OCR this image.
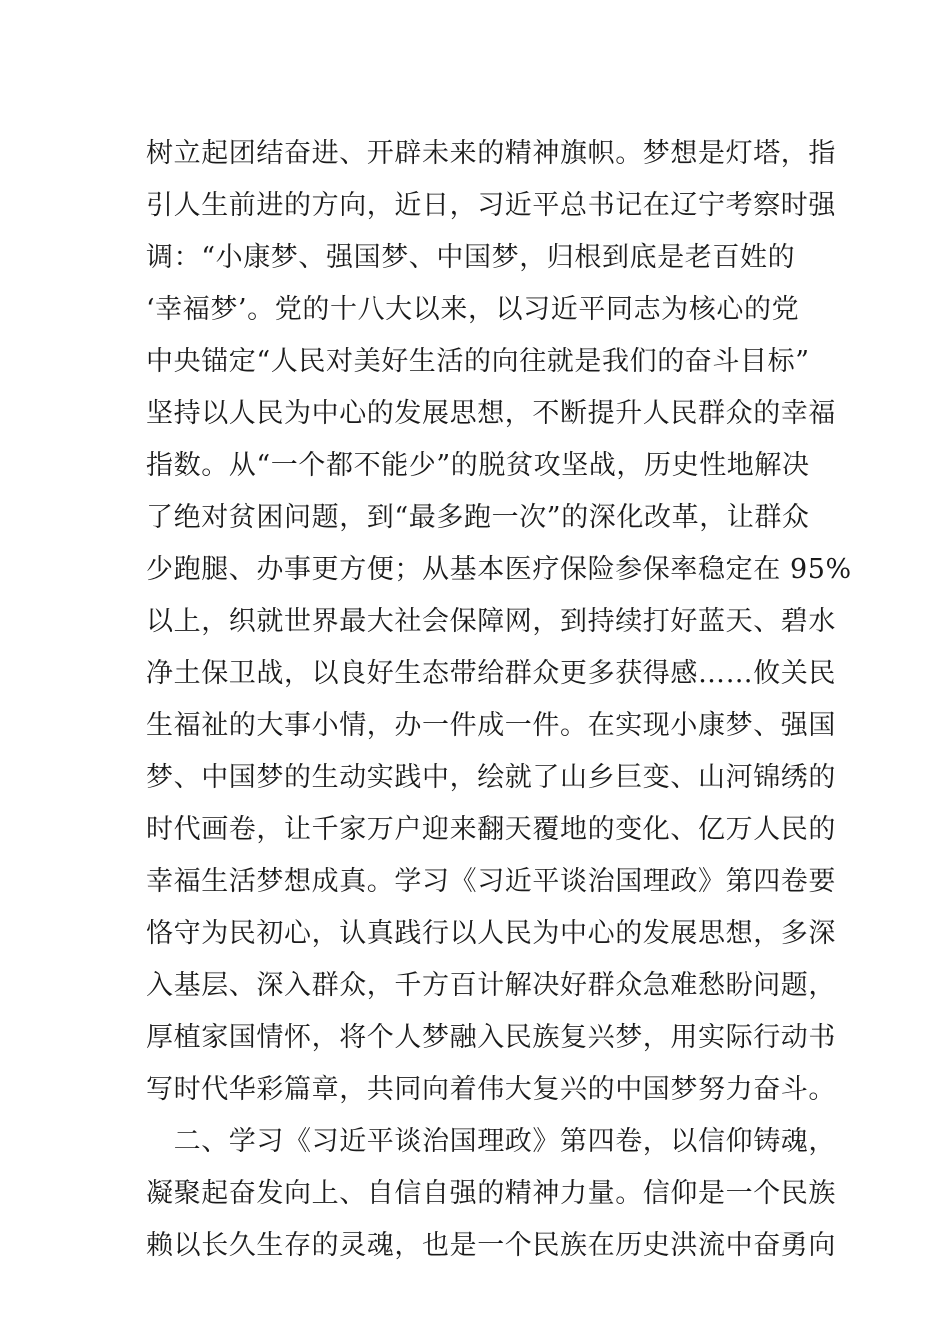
树立起团结奋进、开辟未来的精神旗帜。梦想是灯塔，指
引人生前进的方向，近日，习近平总书记在辽宁考察时强
调：“小康梦、强国梦、中国梦，归根到底是老百姓的
‘幸福梦’。党的十八大以来，以习近平同志为核心的党
中央锚定“人民对美好生活的向往就是我们的奋斗目标”
坚持以人民为中心的发展思想，不断提升人民群众的幸福
指数。从“一个都不能少”的脱贫攻坚战，历史性地解决
了绝对贫困问题，到“最多跑一次”的深化改革，让群众
少跑腿、办事更方便；从基本医疗保险参保率稳定在 95%
以上，织就世界最大社会保障网，到持续打好蓝天、碧水
净土保卫战，以良好生态带给群众更多获得感……攸关民
生福祉的大事小情，办一件成一件。在实现小康梦、强国
梦、中国梦的生动实践中，绘就了山乡巨变、山河锦绣的
时代画卷，让千家万户迎来翻天覆地的变化、亿万人民的
幸福生活梦想成真。学习《习近平谈治国理政》第四卷要
恪守为民初心，认真践行以人民为中心的发展思想，多深
入基层、深入群众，千方百计解决好群众急难愁盼问题，
厚植家国情怀，将个人梦融入民族复兴梦，用实际行动书
写时代华彩篇章，共同向着伟大复兴的中国梦努力奋斗。
　二、学习《习近平谈治国理政》第四卷，以信仰铸魂，
凝聚起奋发向上、自信自强的精神力量。信仰是一个民族
赖以长久生存的灵魂，也是一个民族在历史洪流中奋勇向
